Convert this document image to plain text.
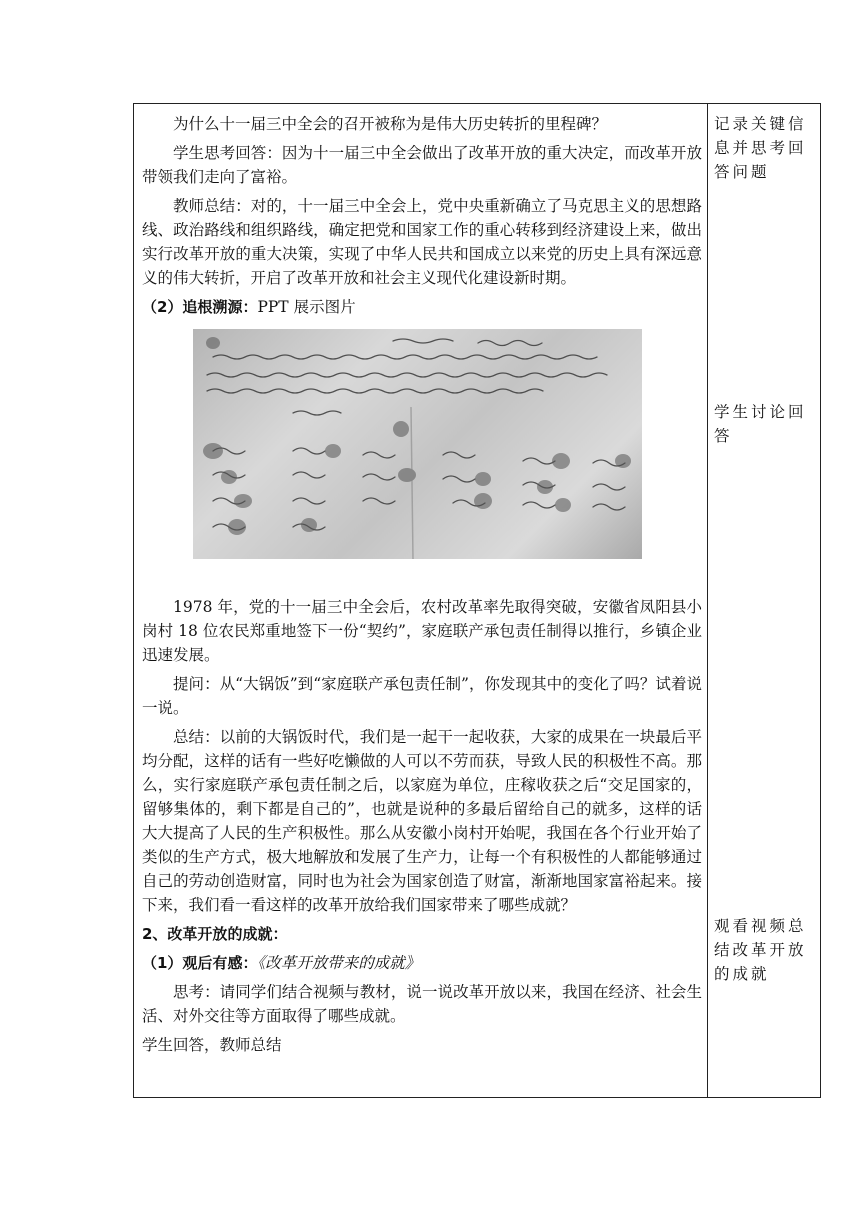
为什么十一届三中全会的召开被称为是伟大历史转折的里程碑？

学生思考回答：因为十一届三中全会做出了改革开放的重大决定，而改革开放带领我们走向了富裕。

教师总结：对的，十一届三中全会上，党中央重新确立了马克思主义的思想路线、政治路线和组织路线，确定把党和国家工作的重心转移到经济建设上来，做出实行改革开放的重大决策，实现了中华人民共和国成立以来党的历史上具有深远意义的伟大转折，开启了改革开放和社会主义现代化建设新时期。

（2）追根溯源：PPT 展示图片

1978 年，党的十一届三中全会后，农村改革率先取得突破，安徽省凤阳县小岗村 18 位农民郑重地签下一份“契约”，家庭联产承包责任制得以推行，乡镇企业迅速发展。

提问：从“大锅饭”到“家庭联产承包责任制”，你发现其中的变化了吗？试着说一说。

总结：以前的大锅饭时代，我们是一起干一起收获，大家的成果在一块最后平均分配，这样的话有一些好吃懒做的人可以不劳而获，导致人民的积极性不高。那么，实行家庭联产承包责任制之后，以家庭为单位，庄稼收获之后“交足国家的，留够集体的，剩下都是自己的”，也就是说种的多最后留给自己的就多，这样的话大大提高了人民的生产积极性。那么从安徽小岗村开始呢，我国在各个行业开始了类似的生产方式，极大地解放和发展了生产力，让每一个有积极性的人都能够通过自己的劳动创造财富，同时也为社会为国家创造了财富，渐渐地国家富裕起来。接下来，我们看一看这样的改革开放给我们国家带来了哪些成就？

2、改革开放的成就：

（1）观后有感：《改革开放带来的成就》

思考：请同学们结合视频与教材，说一说改革开放以来，我国在经济、社会生活、对外交往等方面取得了哪些成就。

学生回答，教师总结

记录关键信息并思考回答问题
学生讨论回答
观看视频总结改革开放的成就
